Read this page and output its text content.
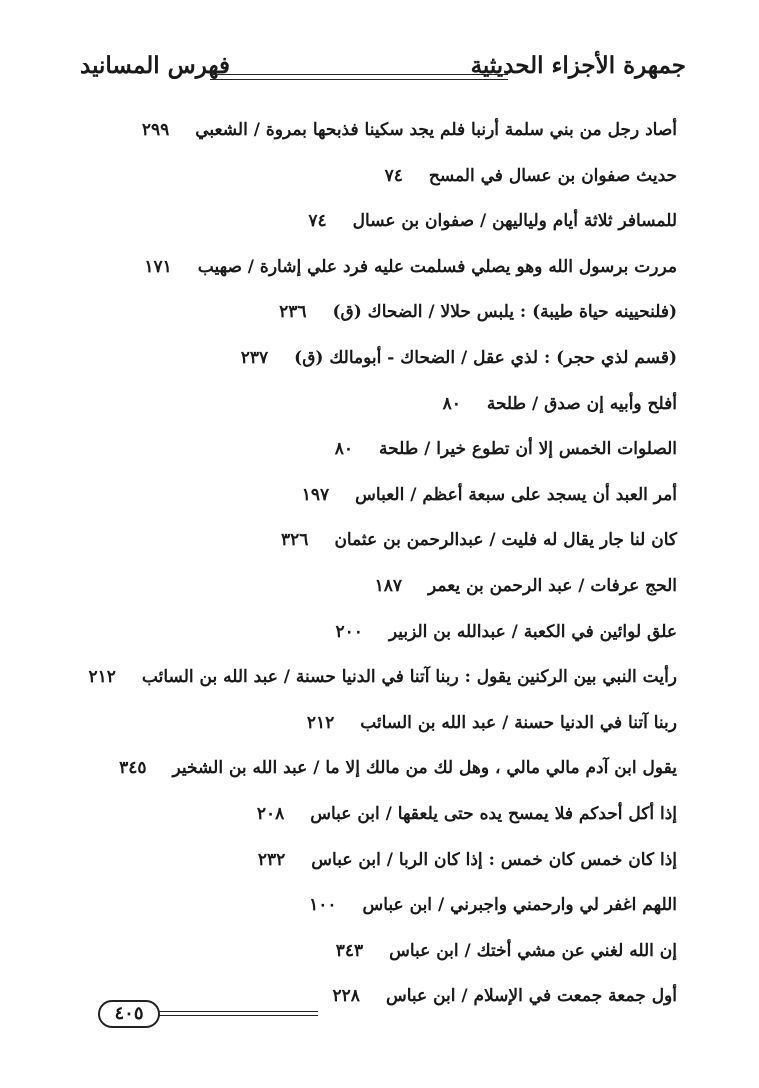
جمهرة الأجزاء الحديثية
فهرس المسانيد
أصاد رجل من بني سلمة أرنبا فلم يجد سكينا فذبحها بمروة / الشعبي٢٩٩
حديث صفوان بن عسال في المسح٧٤
للمسافر ثلاثة أيام ولياليهن / صفوان بن عسال٧٤
مررت برسول الله وهو يصلي فسلمت عليه فرد علي إشارة / صهيب١٧١
(فلنحيينه حياة طيبة) : يلبس حلالا / الضحاك (ق)٢٣٦
(قسم لذي حجر) : لذي عقل / الضحاك - أبومالك (ق)٢٣٧
أفلح وأبيه إن صدق / طلحة٨٠
الصلوات الخمس إلا أن تطوع خيرا / طلحة٨٠
أمر العبد أن يسجد على سبعة أعظم / العباس١٩٧
كان لنا جار يقال له فليت / عبدالرحمن بن عثمان٣٢٦
الحج عرفات / عبد الرحمن بن يعمر١٨٧
علق لوائين في الكعبة / عبدالله بن الزبير٢٠٠
رأيت النبي بين الركنين يقول : ربنا آتنا في الدنيا حسنة / عبد الله بن السائب٢١٢
ربنا آتنا في الدنيا حسنة / عبد الله بن السائب٢١٢
يقول ابن آدم مالي مالي ، وهل لك من مالك إلا ما / عبد الله بن الشخير٣٤٥
إذا أكل أحدكم فلا يمسح يده حتى يلعقها / ابن عباس٢٠٨
إذا كان خمس كان خمس : إذا كان الربا / ابن عباس٢٣٢
اللهم اغفر لي وارحمني واجبرني / ابن عباس١٠٠
إن الله لغني عن مشي أختك / ابن عباس٣٤٣
أول جمعة جمعت في الإسلام / ابن عباس٢٢٨
٤٠٥
